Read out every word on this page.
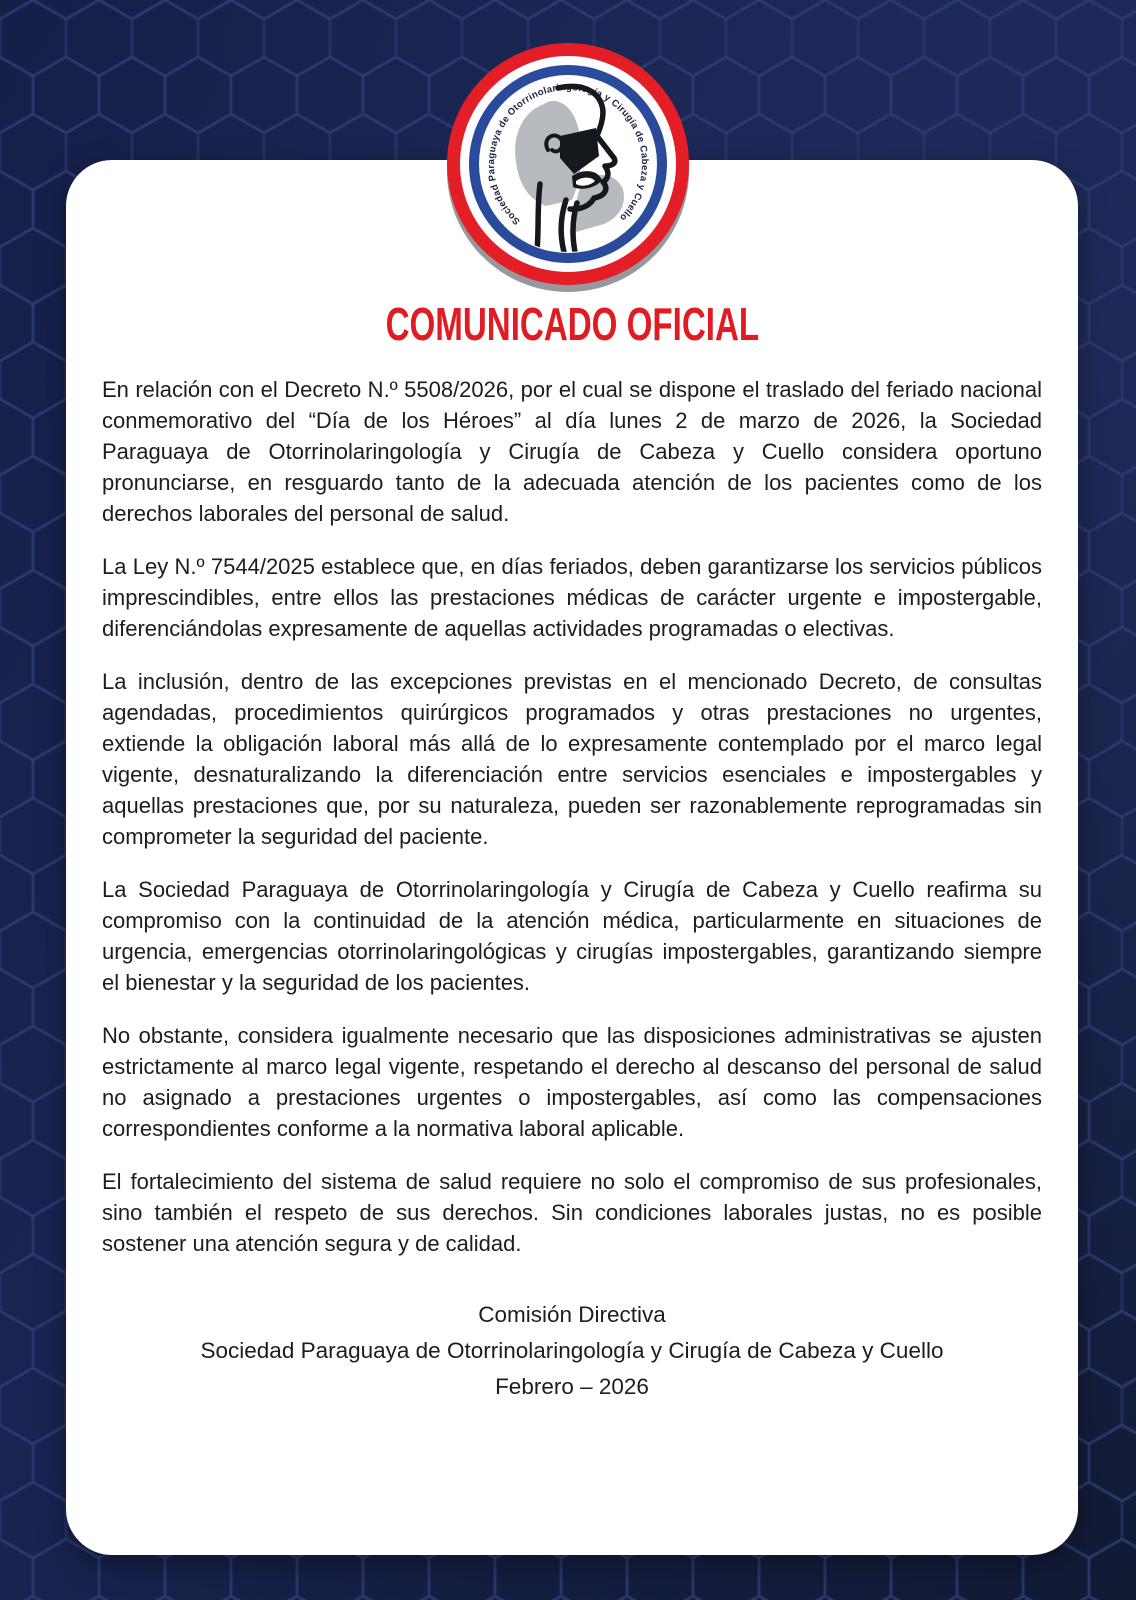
COMUNICADO OFICIAL

En relación con el Decreto N.º 5508/2026, por el cual se dispone el traslado del feriado nacional conmemorativo del “Día de los Héroes” al día lunes 2 de marzo de 2026, la Sociedad Paraguaya de Otorrinolaringología y Cirugía de Cabeza y Cuello considera oportuno pronunciarse, en resguardo tanto de la adecuada atención de los pacientes como de los derechos laborales del personal de salud.

La Ley N.º 7544/2025 establece que, en días feriados, deben garantizarse los servicios públicos imprescindibles, entre ellos las prestaciones médicas de carácter urgente e impostergable, diferenciándolas expresamente de aquellas actividades programadas o electivas.

La inclusión, dentro de las excepciones previstas en el mencionado Decreto, de consultas agendadas, procedimientos quirúrgicos programados y otras prestaciones no urgentes, extiende la obligación laboral más allá de lo expresamente contemplado por el marco legal vigente, desnaturalizando la diferenciación entre servicios esenciales e impostergables y aquellas prestaciones que, por su naturaleza, pueden ser razonablemente reprogramadas sin comprometer la seguridad del paciente.

La Sociedad Paraguaya de Otorrinolaringología y Cirugía de Cabeza y Cuello reafirma su compromiso con la continuidad de la atención médica, particularmente en situaciones de urgencia, emergencias otorrinolaringológicas y cirugías impostergables, garantizando siempre el bienestar y la seguridad de los pacientes.

No obstante, considera igualmente necesario que las disposiciones administrativas se ajusten estrictamente al marco legal vigente, respetando el derecho al descanso del personal de salud no asignado a prestaciones urgentes o impostergables, así como las compensaciones correspondientes conforme a la normativa laboral aplicable.

El fortalecimiento del sistema de salud requiere no solo el compromiso de sus profesionales, sino también el respeto de sus derechos. Sin condiciones laborales justas, no es posible sostener una atención segura y de calidad.

Comisión Directiva

Sociedad Paraguaya de Otorrinolaringología y Cirugía de Cabeza y Cuello

Febrero – 2026

Sociedad Paraguaya de Otorrinolaringología y Cirugía de Cabeza y Cuello
